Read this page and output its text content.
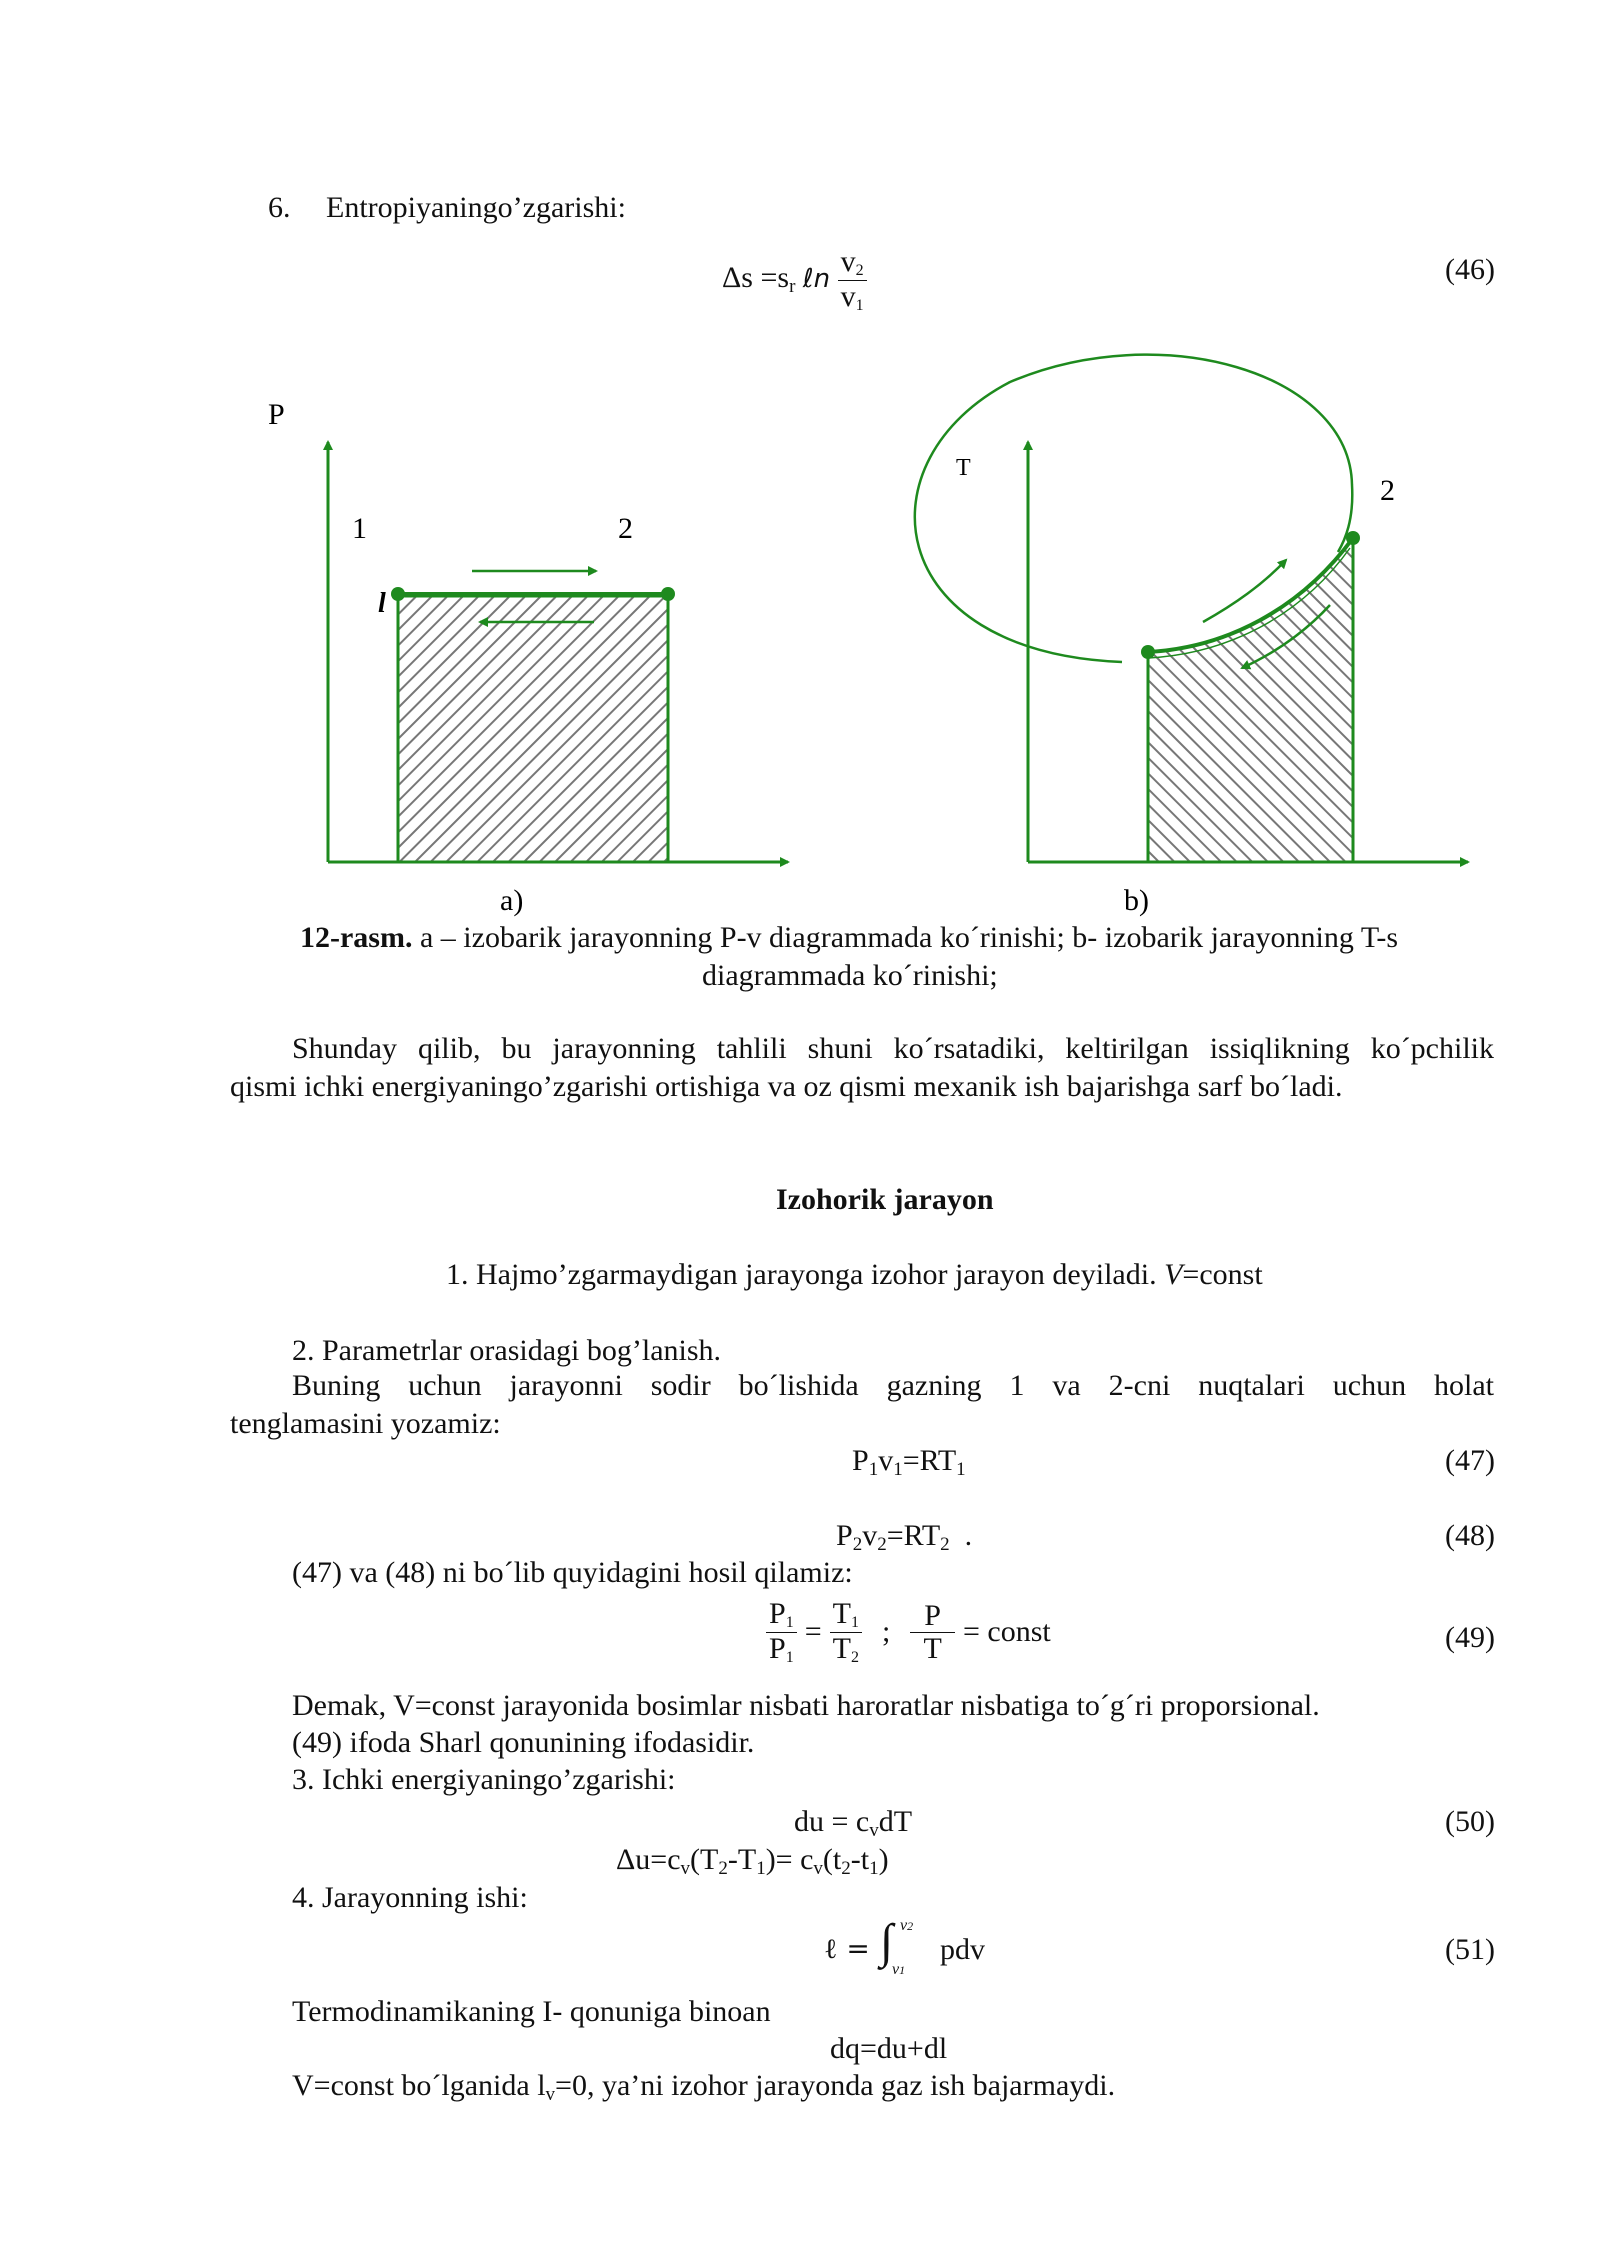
6. Entropiyaningo’zgarishi:
$\Delta s =s_r$ ℓn $\frac{v2}{v1}$	(46)
P
1	2
l
a)
T
2
b)
12-rasm. a – izobarik jarayonning P-v diagrammada ko´rinishi; b- izobarik jarayonning T-s
diagrammada ko´rinishi;
Shunday qilib, bu jarayonning tahlili shuni ko´rsatadiki, keltirilgan issiqlikning ko´pchilik
qismi ichki energiyaningo’zgarishi ortishiga va oz qismi mexanik ish bajarishga sarf bo´ladi.
Izohorik jarayon
1. Hajmo’zgarmaydigan jarayonga izohor jarayon deyiladi. V=const
2. Parametrlar orasidagi bog’lanish.
Buning uchun jarayonni sodir bo´lishida gazning 1 va 2-cni nuqtalari uchun holat
tenglamasini yozamiz:
$P_1v_1=RT_1$	(47)
$P_2v_2=RT_2$  .	(48)
(47) va (48) ni bo´lib quyidagini hosil qilamiz:
$\frac{P1}{P1} = \frac{T1}{T2}$ ; $\frac{P}{T}$ = const	(49)
Demak, V=const jarayonida bosimlar nisbati haroratlar nisbatiga to´g´ri proporsional.
(49) ifoda Sharl qonunining ifodasidir.
3. Ichki energiyaningo’zgarishi:
du = $c_vdT$	(50)
$\Delta u=c_v(T_2-T_1)= c_v(t_2-t_1)$
4. Jarayonning ishi:
ℓ = ∫ v2
v1
pdv	(51)
Termodinamikaning I- qonuniga binoan
dq=du+dl
V=const bo´lganida $l_v=0$, ya’ni izohor jarayonda gaz ish bajarmaydi.
